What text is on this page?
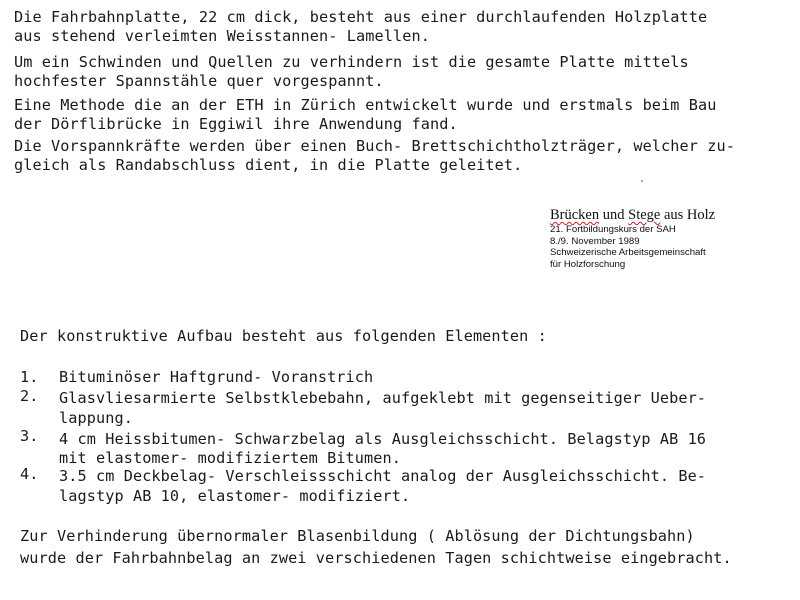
Die Fahrbahnplatte, 22 cm dick, besteht aus einer durchlaufenden Holzplatte
aus stehend verleimten Weisstannen- Lamellen.
Um ein Schwinden und Quellen zu verhindern ist die gesamte Platte mittels
hochfester Spannstähle quer vorgespannt.
Eine Methode die an der ETH in Zürich entwickelt wurde und erstmals beim Bau
der Dörflibrücke in Eggiwil ihre Anwendung fand.
Die Vorspannkräfte werden über einen Buch- Brettschichtholzträger, welcher zu-
gleich als Randabschluss dient, in die Platte geleitet.
Brücken und Stege aus Holz
21. Fortbildungskurs der SAH
8./9. November 1989
Schweizerische Arbeitsgemeinschaft
für Holzforschung
Der konstruktive Aufbau besteht aus folgenden Elementen :
1. Bituminöser Haftgrund- Voranstrich
2. Glasvliesarmierte Selbstklebebahn, aufgeklebt mit gegenseitiger Ueber-
lappung.
3. 4 cm Heissbitumen- Schwarzbelag als Ausgleichsschicht. Belagstyp AB 16
mit elastomer- modifiziertem Bitumen.
4. 3.5 cm Deckbelag- Verschleissschicht analog der Ausgleichsschicht. Be-
lagstyp AB 10, elastomer- modifiziert.
Zur Verhinderung übernormaler Blasenbildung ( Ablösung der Dichtungsbahn)
wurde der Fahrbahnbelag an zwei verschiedenen Tagen schichtweise eingebracht.
